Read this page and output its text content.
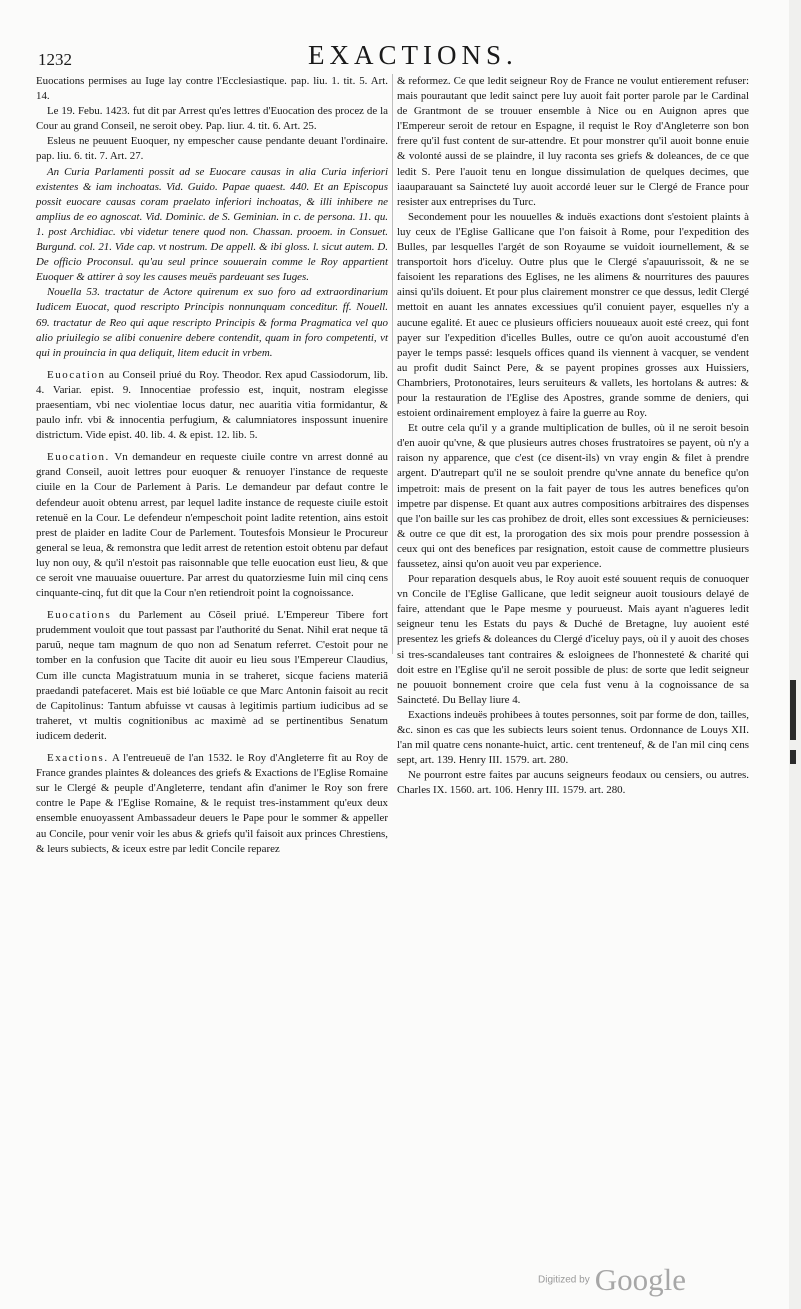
1232	EXACTIONS.

Euocations permises au Iuge lay contre l'Ecclesiastique. pap. liu. 1. tit. 5. Art. 14.

Le 19. Febu. 1423. fut dit par Arrest qu'es lettres d'Euocation des procez de la Cour au grand Conseil, ne seroit obey. Pap. liur. 4. tit. 6. Art. 25.

Esleus ne peuuent Euoquer, ny empescher cause pendante deuant l'ordinaire. pap. liu. 6. tit. 7. Art. 27.

An Curia Parlamenti possit ad se Euocare causas in alia Curia inferiori existentes & iam inchoatas. Vid. Guido. Papae quaest. 440. Et an Episcopus possit euocare causas coram praelato inferiori inchoatas, & illi inhibere ne amplius de eo agnoscat. Vid. Dominic. de S. Geminian. in c. de persona. 11. qu. 1. post Archidiac. vbi videtur tenere quod non. Chassan. prooem. in Consuet. Burgund. col. 21. Vide cap. vt nostrum. De appell. & ibi gloss. l. sicut autem. D. De officio Proconsul. qu'au seul prince souuerain comme le Roy appartient Euoquer & attirer à soy les causes meuës pardeuant ses Iuges.

Nouella 53. tractatur de Actore quirenum ex suo foro ad extraordinarium Iudicem Euocat, quod rescripto Principis nonnunquam conceditur. ff. Nouell. 69. tractatur de Reo qui aque rescripto Principis & forma Pragmatica vel quo alio priuilegio se alibi conuenire debere contendit, quam in foro competenti, vt qui in prouincia in qua deliquit, litem educit in vrbem.

Euocation au Conseil priué du Roy. Theodor. Rex apud Cassiodorum, lib. 4. Variar. epist. 9. Innocentiae professio est, inquit, nostram elegisse praesentiam, vbi nec violentiae locus datur, nec auaritia vitia formidantur, & paulo infr. vbi & innocentia perfugium, & calumniatores inspossunt inuenire districtum. Vide epist. 40. lib. 4. & epist. 12. lib. 5.

Euocation. Vn demandeur en requeste ciuile contre vn arrest donné au grand Conseil, auoit lettres pour euoquer & renuoyer l'instance de requeste ciuile en la Cour de Parlement à Paris. Le demandeur par defaut contre le defendeur auoit obtenu arrest, par lequel ladite instance de requeste ciuile estoit retenuë en la Cour. Le defendeur n'empeschoit point ladite retention, ains estoit prest de plaider en ladite Cour de Parlement. Toutesfois Monsieur le Procureur general se leua, & remonstra que ledit arrest de retention estoit obtenu par defaut luy non ouy, & qu'il n'estoit pas raisonnable que telle euocation eust lieu, & que ce seroit vne mauuaise ouuerture. Par arrest du quatorziesme Iuin mil cinq cens cinquante-cinq, fut dit que la Cour n'en retiendroit point la cognoissance.

Euocations du Parlement au Cõseil priué. L'Empereur Tibere fort prudemment vouloit que tout passast par l'authorité du Senat. Nihil erat neque tã paruũ, neque tam magnum de quo non ad Senatum referret. C'estoit pour ne tomber en la confusion que Tacite dit auoir eu lieu sous l'Empereur Claudius, Cum ille cuncta Magistratuum munia in se traheret, sicque faciens materiã praedandi patefaceret. Mais est bié loüable ce que Marc Antonin faisoit au recit de Capitolinus: Tantum abfuisse vt causas à legitimis partium iudicibus ad se traheret, vt multis cognitionibus ac maximè ad se pertinentibus Senatum iudicem dederit.

Exactions. A l'entreueuë de l'an 1532. le Roy d'Angleterre fit au Roy de France grandes plaintes & doleances des griefs & Exactions de l'Eglise Romaine sur le Clergé & peuple d'Angleterre, tendant afin d'animer le Roy son frere contre le Pape & l'Eglise Romaine, & le requist tres-instamment qu'eux deux ensemble enuoyassent Ambassadeur deuers le Pape pour le sommer & appeller au Concile, pour venir voir les abus & griefs qu'il faisoit aux princes Chrestiens, & leurs subiects, & iceux estre par ledit Concile reparez

& reformez. Ce que ledit seigneur Roy de France ne voulut entierement refuser: mais pourautant que ledit sainct pere luy auoit fait porter parole par le Cardinal de Grantmont de se trouuer ensemble à Nice ou en Auignon apres que l'Empereur seroit de retour en Espagne, il requist le Roy d'Angleterre son bon frere qu'il fust content de sur-attendre. Et pour monstrer qu'il auoit bonne enuie & volonté aussi de se plaindre, il luy raconta ses griefs & doleances, de ce que ledit S. Pere l'auoit tenu en longue dissimulation de quelques decimes, que iaauparauant sa Saincteté luy auoit accordé leuer sur le Clergé de France pour resister aux entreprises du Turc.

Secondement pour les nouuelles & induës exactions dont s'estoient plaints à luy ceux de l'Eglise Gallicane que l'on faisoit à Rome, pour l'expedition des Bulles, par lesquelles l'argét de son Royaume se vuidoit iournellement, & se transportoit hors d'iceluy. Outre plus que le Clergé s'apauurissoit, & ne se faisoient les reparations des Eglises, ne les alimens & nourritures des pauures ainsi qu'ils doiuent. Et pour plus clairement monstrer ce que dessus, ledit Clergé mettoit en auant les annates excessiues qu'il conuient payer, esquelles n'y a aucune egalité. Et auec ce plusieurs officiers nouueaux auoit esté creez, qui font payer sur l'expedition d'icelles Bulles, outre ce qu'on auoit accoustumé d'en payer le temps passé: lesquels offices quand ils viennent à vacquer, se vendent au profit dudit Sainct Pere, & se payent propines grosses aux Huissiers, Chambriers, Protonotaires, leurs seruiteurs & vallets, les hortolans & autres: & pour la restauration de l'Eglise des Apostres, grande somme de deniers, qui estoient ordinairement employez à faire la guerre au Roy.

Et outre cela qu'il y a grande multiplication de bulles, où il ne seroit besoin d'en auoir qu'vne, & que plusieurs autres choses frustratoires se payent, où n'y a raison ny apparence, que c'est (ce disent-ils) vn vray engin & filet à prendre argent. D'autrepart qu'il ne se souloit prendre qu'vne annate du benefice qu'on impetroit: mais de present on la fait payer de tous les autres benefices qu'on impetre par dispense. Et quant aux autres compositions arbitraires des dispenses que l'on baille sur les cas prohibez de droit, elles sont excessiues & pernicieuses: & outre ce que dit est, la prorogation des six mois pour prendre possession à ceux qui ont des benefices par resignation, estoit cause de commettre plusieurs faussetez, ainsi qu'on auoit veu par experience.

Pour reparation desquels abus, le Roy auoit esté souuent requis de conuoquer vn Concile de l'Eglise Gallicane, que ledit seigneur auoit tousiours delayé de faire, attendant que le Pape mesme y pourueust. Mais ayant n'agueres ledit seigneur tenu les Estats du pays & Duché de Bretagne, luy auoient esté presentez les griefs & doleances du Clergé d'iceluy pays, où il y auoit des choses si tres-scandaleuses tant contraires & esloignees de l'honnesteté & charité qui doit estre en l'Eglise qu'il ne seroit possible de plus: de sorte que ledit seigneur ne pouuoit bonnement croire que cela fust venu à la cognoissance de sa Saincteté. Du Bellay liure 4.

Exactions indeuës prohibees à toutes personnes, soit par forme de don, tailles, &c. sinon es cas que les subiects leurs soient tenus. Ordonnance de Louys XII. l'an mil quatre cens nonante-huict, artic. cent trenteneuf, & de l'an mil cinq cens sept, art. 139. Henry III. 1579. art. 280.

Ne pourront estre faites par aucuns seigneurs feodaux ou censiers, ou autres. Charles IX. 1560. art. 106. Henry III. 1579. art. 280.

Digitized by Google
